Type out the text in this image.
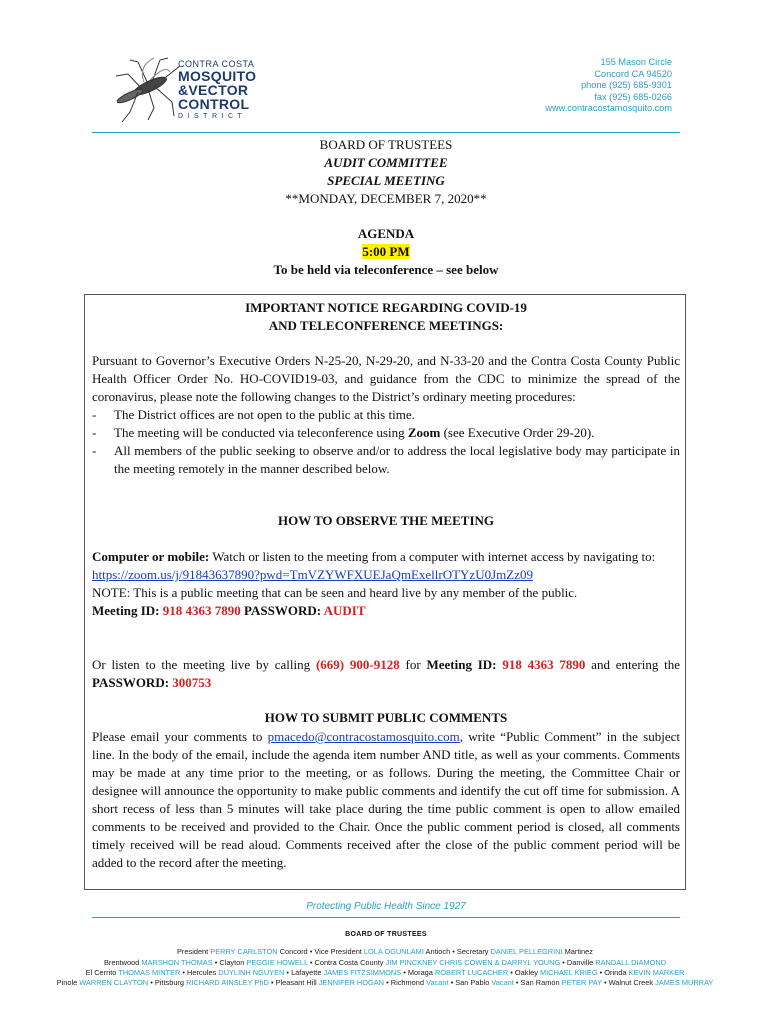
CONTRA COSTA
MOSQUITO
&VECTOR
CONTROL
DISTRICT
155 Mason Circle
Concord CA 94520
phone (925) 685-9301
fax (925) 685-0266
www.contracostamosquito.com
BOARD OF TRUSTEES
AUDIT COMMITTEE
SPECIAL MEETING
**MONDAY, DECEMBER 7, 2020**
AGENDA
5:00 PM
To be held via teleconference – see below
IMPORTANT NOTICE REGARDING COVID-19
AND TELECONFERENCE MEETINGS:
Pursuant to Governor’s Executive Orders N-25-20, N-29-20, and N-33-20 and the Contra Costa County Public Health Officer Order No. HO-COVID19-03, and guidance from the CDC to minimize the spread of the coronavirus, please note the following changes to the District’s ordinary meeting procedures:
- The District offices are not open to the public at this time.
- The meeting will be conducted via teleconference using Zoom (see Executive Order 29-20).
- All members of the public seeking to observe and/or to address the local legislative body may participate in the meeting remotely in the manner described below.
HOW TO OBSERVE THE MEETING
Computer or mobile: Watch or listen to the meeting from a computer with internet access by navigating to:
https://zoom.us/j/91843637890?pwd=TmVZYWFXUEJaQmExellrOTYzU0JmZz09
NOTE: This is a public meeting that can be seen and heard live by any member of the public.
Meeting ID: 918 4363 7890 PASSWORD: AUDIT
Or listen to the meeting live by calling (669) 900-9128 for Meeting ID: 918 4363 7890 and entering the PASSWORD: 300753
HOW TO SUBMIT PUBLIC COMMENTS
Please email your comments to pmacedo@contracostamosquito.com, write “Public Comment” in the subject line. In the body of the email, include the agenda item number AND title, as well as your comments. Comments may be made at any time prior to the meeting, or as follows. During the meeting, the Committee Chair or designee will announce the opportunity to make public comments and identify the cut off time for submission. A short recess of less than 5 minutes will take place during the time public comment is open to allow emailed comments to be received and provided to the Chair. Once the public comment period is closed, all comments timely received will be read aloud. Comments received after the close of the public comment period will be added to the record after the meeting.
Protecting Public Health Since 1927
BOARD OF TRUSTEES
President PERRY CARLSTON Concord • Vice President LOLA OGUNLAMI Antioch • Secretary DANIEL PELLEGRINI Martinez
Brentwood MARSHON THOMAS • Clayton PEGGIE HOWELL • Contra Costa County JIM PINCKNEY CHRIS COWEN & DARRYL YOUNG • Danville RANDALL DIAMOND
El Cerrito THOMAS MINTER • Hercules DUYLINH NGUYEN • Lafayette JAMES FITZSIMMONS • Moraga ROBERT LUCACHER • Oakley MICHAEL KRIEG • Orinda KEVIN MARKER
Pinole WARREN CLAYTON • Pittsburg RICHARD AINSLEY PhD • Pleasant Hill JENNIFER HOGAN • Richmond Vacant • San Pablo Vacant • San Ramon PETER PAY • Walnut Creek JAMES MURRAY
